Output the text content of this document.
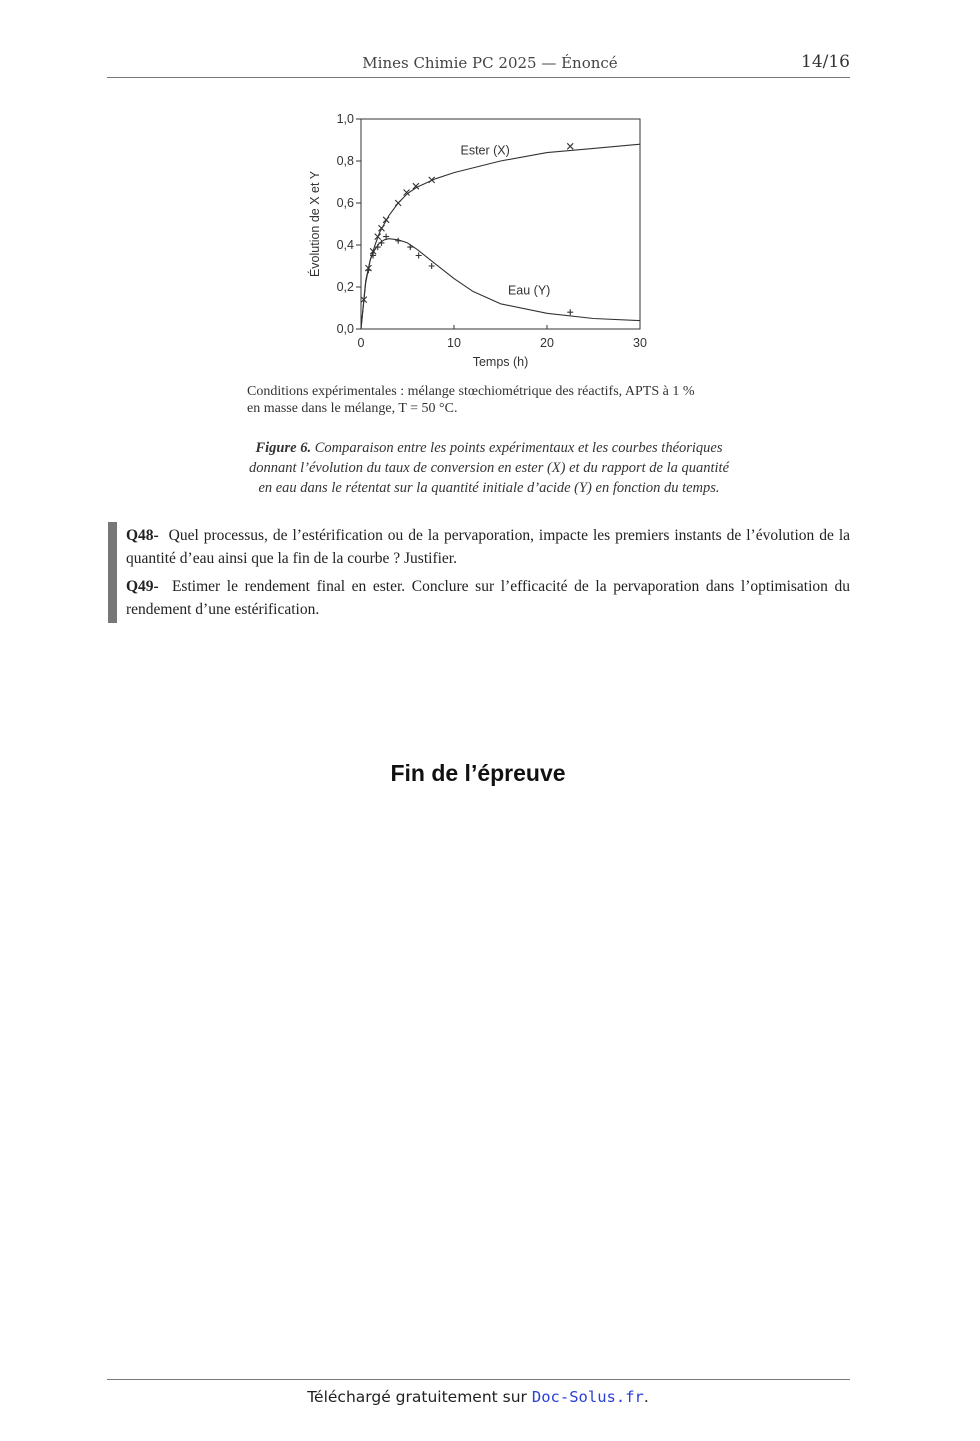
Mines Chimie PC 2025 — Énoncé	14/16
0	10	20	30
0,0
0,2
0,4
0,6
0,8
1,0
Temps (h)
Évolution de X et Y
Ester (X)
Eau (Y)
Conditions expérimentales : mélange stœchiométrique des réactifs, APTS à 1 %
en masse dans le mélange, T = 50 °C.
Figure 6. Comparaison entre les points expérimentaux et les courbes théoriques
donnant l’évolution du taux de conversion en ester (X) et du rapport de la quantité
en eau dans le rétentat sur la quantité initiale d’acide (Y) en fonction du temps.

Q48- Quel processus, de l’estérification ou de la pervaporation, impacte les premiers instants de l’évolution de la quantité d’eau ainsi que la fin de la courbe ? Justifier.

Q49- Estimer le rendement final en ester. Conclure sur l’efficacité de la pervaporation dans l’optimisation du rendement d’une estérification.

Fin de l’épreuve
Téléchargé gratuitement sur Doc-Solus.fr.
